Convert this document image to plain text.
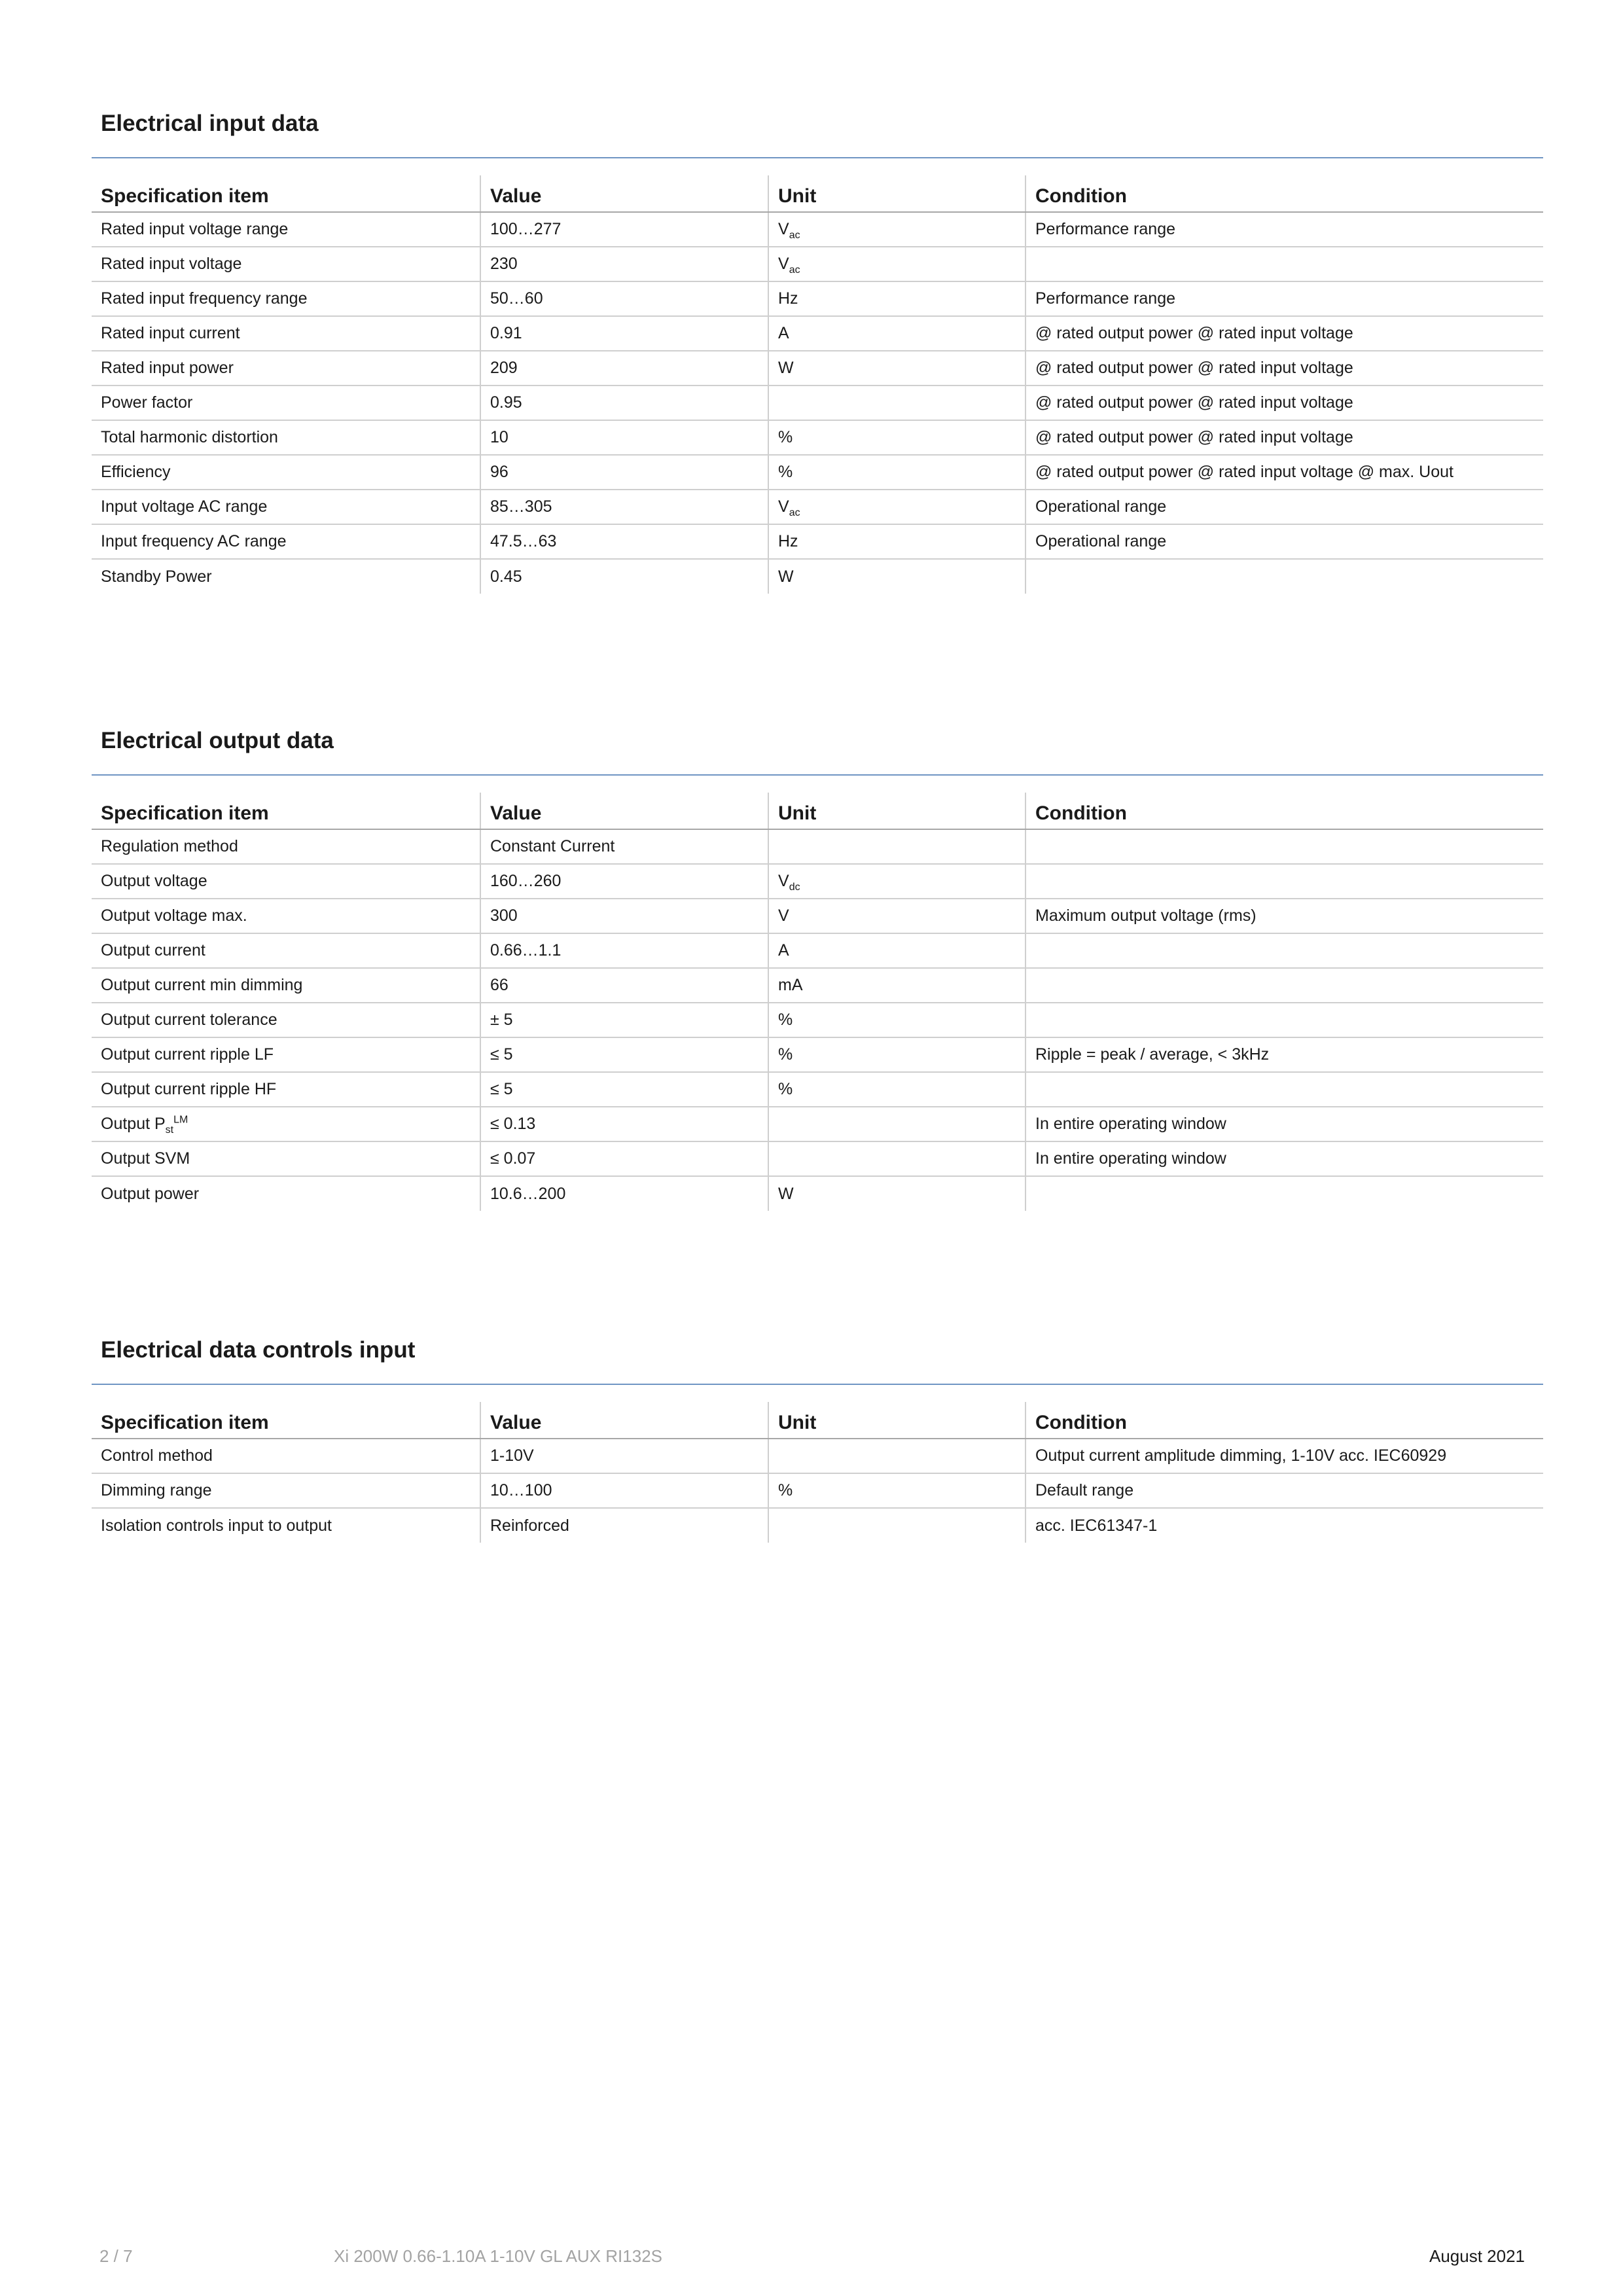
Electrical input data
Specification item	Value	Unit	Condition
Rated input voltage range	100…277	$V_{ac}$	Performance range
Rated input voltage	230	$V_{ac}$	
Rated input frequency range	50…60	Hz	Performance range
Rated input current	0.91	A	@ rated output power @ rated input voltage
Rated input power	209	W	@ rated output power @ rated input voltage
Power factor	0.95		@ rated output power @ rated input voltage
Total harmonic distortion	10	%	@ rated output power @ rated input voltage
Efficiency	96	%	@ rated output power @ rated input voltage @ max. Uout
Input voltage AC range	85…305	$V_{ac}$	Operational range
Input frequency AC range	47.5…63	Hz	Operational range
Standby Power	0.45	W	
Electrical output data
Specification item	Value	Unit	Condition
Regulation method	Constant Current		
Output voltage	160…260	$V_{dc}$	
Output voltage max.	300	V	Maximum output voltage (rms)
Output current	0.66…1.1	A	
Output current min dimming	66	mA	
Output current tolerance	± 5	%	
Output current ripple LF	≤ 5	%	Ripple = peak / average, < 3kHz
Output current ripple HF	≤ 5	%	
Output $P_{st}^{LM}$	≤ 0.13		In entire operating window
Output SVM	≤ 0.07		In entire operating window
Output power	10.6…200	W	
Electrical data controls input
Specification item	Value	Unit	Condition
Control method	1-10V		Output current amplitude dimming, 1-10V acc. IEC60929
Dimming range	10…100	%	Default range
Isolation controls input to output	Reinforced		acc. IEC61347-1
2 / 7	Xi 200W 0.66-1.10A 1-10V GL AUX RI132S	August 2021
